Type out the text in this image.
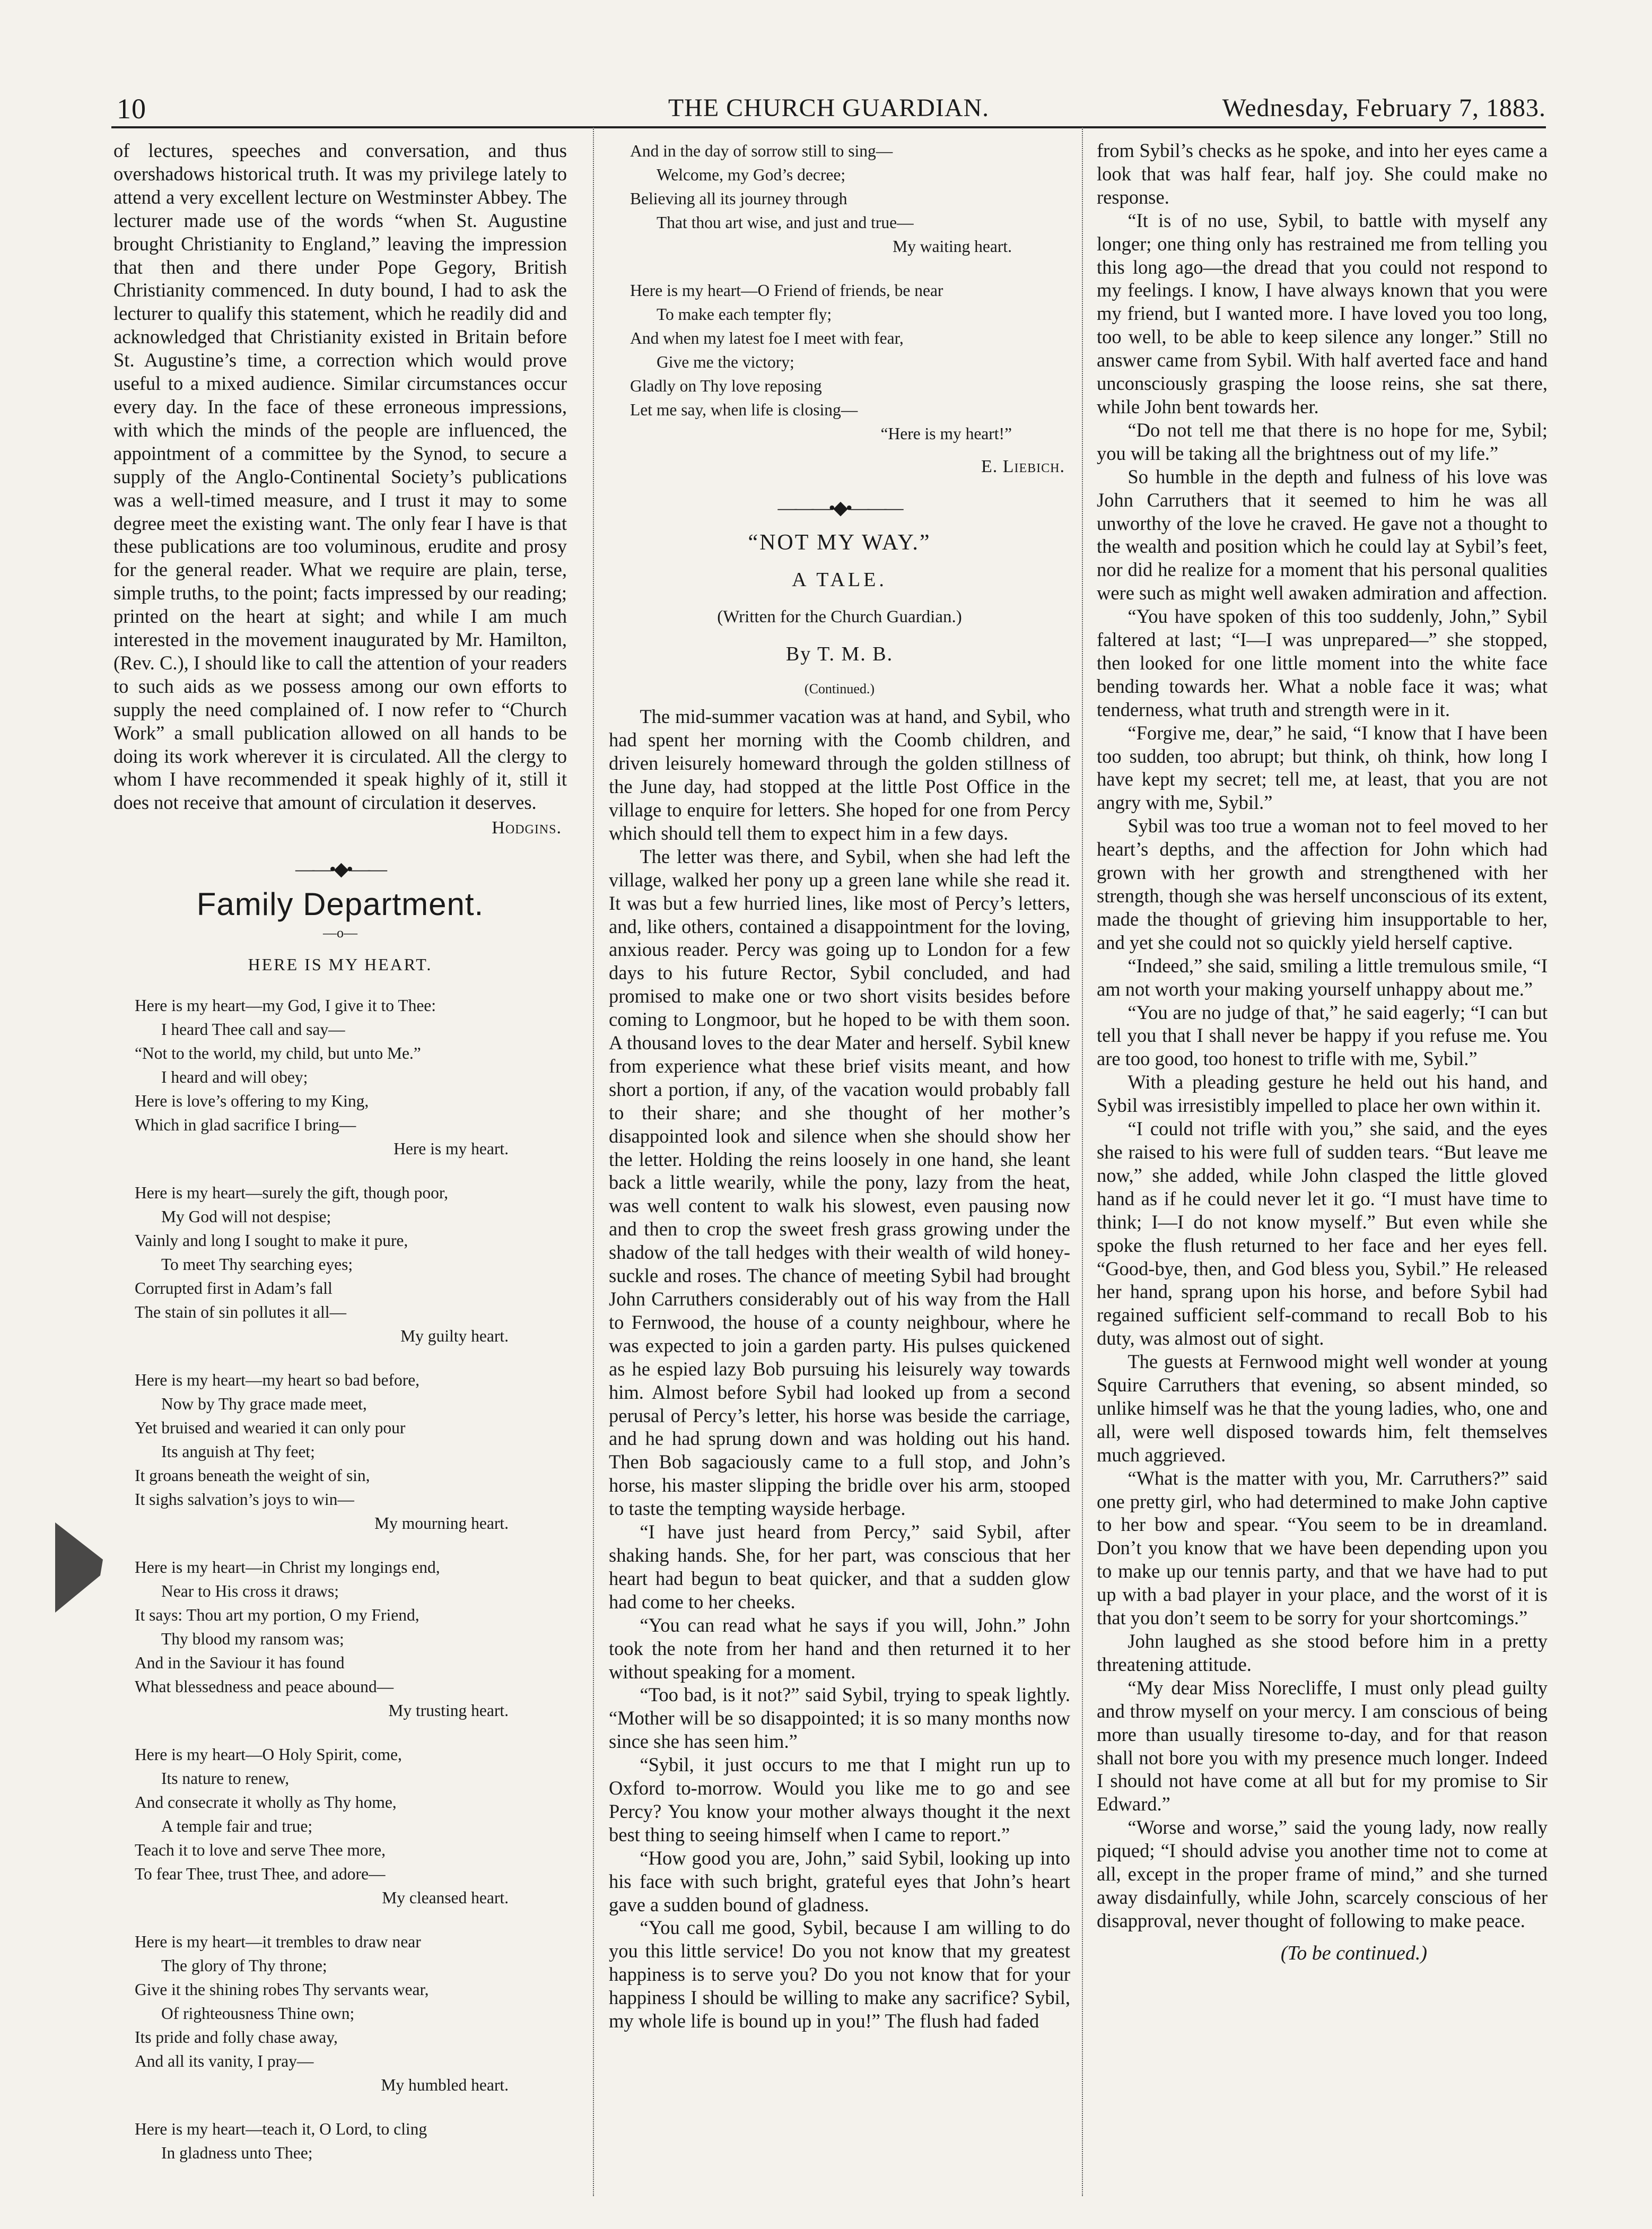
10	THE CHURCH GUARDIAN.	Wednesday, February 7, 1883.

of lectures, speeches and conversation, and thus overshadows historical truth. It was my privilege lately to attend a very excellent lecture on Westminster Abbey. The lecturer made use of the words “when St. Augustine brought Christianity to England,” leaving the impression that then and there under Pope Gegory, British Christianity commenced. In duty bound, I had to ask the lecturer to qualify this statement, which he readily did and acknowledged that Christianity existed in Britain before St. Augustine’s time, a correction which would prove useful to a mixed audience. Similar circumstances occur every day. In the face of these erroneous impressions, with which the minds of the people are influenced, the appointment of a committee by the Synod, to secure a supply of the Anglo-Continental Society’s publications was a well-timed measure, and I trust it may to some degree meet the existing want. The only fear I have is that these publications are too voluminous, erudite and prosy for the general reader. What we require are plain, terse, simple truths, to the point; facts impressed by our reading; printed on the heart at sight; and while I am much interested in the movement inaugurated by Mr. Hamilton, (Rev. C.), I should like to call the attention of your readers to such aids as we possess among our own efforts to supply the need complained of. I now refer to “Church Work” a small publication allowed on all hands to be doing its work wherever it is circulated. All the clergy to whom I have recommended it speak highly of it, still it does not receive that amount of circulation it deserves.

Hodgins.
——•◆•——
Family Department.
—o—
HERE IS MY HEART.
Here is my heart—my God, I give it to Thee:
I heard Thee call and say—
“Not to the world, my child, but unto Me.”
I heard and will obey;
Here is love’s offering to my King,
Which in glad sacrifice I bring—
Here is my heart.
Here is my heart—surely the gift, though poor,
My God will not despise;
Vainly and long I sought to make it pure,
To meet Thy searching eyes;
Corrupted first in Adam’s fall
The stain of sin pollutes it all—
My guilty heart.
Here is my heart—my heart so bad before,
Now by Thy grace made meet,
Yet bruised and wearied it can only pour
Its anguish at Thy feet;
It groans beneath the weight of sin,
It sighs salvation’s joys to win—
My mourning heart.
Here is my heart—in Christ my longings end,
Near to His cross it draws;
It says: Thou art my portion, O my Friend,
Thy blood my ransom was;
And in the Saviour it has found
What blessedness and peace abound—
My trusting heart.
Here is my heart—O Holy Spirit, come,
Its nature to renew,
And consecrate it wholly as Thy home,
A temple fair and true;
Teach it to love and serve Thee more,
To fear Thee, trust Thee, and adore—
My cleansed heart.
Here is my heart—it trembles to draw near
The glory of Thy throne;
Give it the shining robes Thy servants wear,
Of righteousness Thine own;
Its pride and folly chase away,
And all its vanity, I pray—
My humbled heart.
Here is my heart—teach it, O Lord, to cling
In gladness unto Thee;
And in the day of sorrow still to sing—
Welcome, my God’s decree;
Believing all its journey through
That thou art wise, and just and true—
My waiting heart.
Here is my heart—O Friend of friends, be near
To make each tempter fly;
And when my latest foe I meet with fear,
Give me the victory;
Gladly on Thy love reposing
Let me say, when life is closing—
“Here is my heart!”
E. Liebich.
———•◆•———
“NOT MY WAY.”
A TALE.
(Written for the Church Guardian.)
By T. M. B.
(Continued.)

The mid-summer vacation was at hand, and Sybil, who had spent her morning with the Coomb children, and driven leisurely homeward through the golden stillness of the June day, had stopped at the little Post Office in the village to enquire for letters. She hoped for one from Percy which should tell them to expect him in a few days.

The letter was there, and Sybil, when she had left the village, walked her pony up a green lane while she read it. It was but a few hurried lines, like most of Percy’s letters, and, like others, contained a disappointment for the loving, anxious reader. Percy was going up to London for a few days to his future Rector, Sybil concluded, and had promised to make one or two short visits besides before coming to Longmoor, but he hoped to be with them soon. A thousand loves to the dear Mater and herself. Sybil knew from experience what these brief visits meant, and how short a portion, if any, of the vacation would probably fall to their share; and she thought of her mother’s disappointed look and silence when she should show her the letter. Holding the reins loosely in one hand, she leant back a little wearily, while the pony, lazy from the heat, was well content to walk his slowest, even pausing now and then to crop the sweet fresh grass growing under the shadow of the tall hedges with their wealth of wild honey-suckle and roses. The chance of meeting Sybil had brought John Carruthers considerably out of his way from the Hall to Fernwood, the house of a county neighbour, where he was expected to join a garden party. His pulses quickened as he espied lazy Bob pursuing his leisurely way towards him. Almost before Sybil had looked up from a second perusal of Percy’s letter, his horse was beside the carriage, and he had sprung down and was holding out his hand. Then Bob sagaciously came to a full stop, and John’s horse, his master slipping the bridle over his arm, stooped to taste the tempting wayside herbage.

“I have just heard from Percy,” said Sybil, after shaking hands. She, for her part, was conscious that her heart had begun to beat quicker, and that a sudden glow had come to her cheeks.

“You can read what he says if you will, John.” John took the note from her hand and then returned it to her without speaking for a moment.

“Too bad, is it not?” said Sybil, trying to speak lightly. “Mother will be so disappointed; it is so many months now since she has seen him.”

“Sybil, it just occurs to me that I might run up to Oxford to-morrow. Would you like me to go and see Percy? You know your mother always thought it the next best thing to seeing himself when I came to report.”

“How good you are, John,” said Sybil, looking up into his face with such bright, grateful eyes that John’s heart gave a sudden bound of gladness.

“You call me good, Sybil, because I am willing to do you this little service! Do you not know that my greatest happiness is to serve you? Do you not know that for your happiness I should be willing to make any sacrifice? Sybil, my whole life is bound up in you!” The flush had faded

from Sybil’s checks as he spoke, and into her eyes came a look that was half fear, half joy. She could make no response.

“It is of no use, Sybil, to battle with myself any longer; one thing only has restrained me from telling you this long ago—the dread that you could not respond to my feelings. I know, I have always known that you were my friend, but I wanted more. I have loved you too long, too well, to be able to keep silence any longer.” Still no answer came from Sybil. With half averted face and hand unconsciously grasping the loose reins, she sat there, while John bent towards her.

“Do not tell me that there is no hope for me, Sybil; you will be taking all the brightness out of my life.”

So humble in the depth and fulness of his love was John Carruthers that it seemed to him he was all unworthy of the love he craved. He gave not a thought to the wealth and position which he could lay at Sybil’s feet, nor did he realize for a moment that his personal qualities were such as might well awaken admiration and affection.

“You have spoken of this too suddenly, John,” Sybil faltered at last; “I—I was unprepared—” she stopped, then looked for one little moment into the white face bending towards her. What a noble face it was; what tenderness, what truth and strength were in it.

“Forgive me, dear,” he said, “I know that I have been too sudden, too abrupt; but think, oh think, how long I have kept my secret; tell me, at least, that you are not angry with me, Sybil.”

Sybil was too true a woman not to feel moved to her heart’s depths, and the affection for John which had grown with her growth and strengthened with her strength, though she was herself unconscious of its extent, made the thought of grieving him insupportable to her, and yet she could not so quickly yield herself captive.

“Indeed,” she said, smiling a little tremulous smile, “I am not worth your making yourself unhappy about me.”

“You are no judge of that,” he said eagerly; “I can but tell you that I shall never be happy if you refuse me. You are too good, too honest to trifle with me, Sybil.”

With a pleading gesture he held out his hand, and Sybil was irresistibly impelled to place her own within it.

“I could not trifle with you,” she said, and the eyes she raised to his were full of sudden tears. “But leave me now,” she added, while John clasped the little gloved hand as if he could never let it go. “I must have time to think; I—I do not know myself.” But even while she spoke the flush returned to her face and her eyes fell. “Good-bye, then, and God bless you, Sybil.” He released her hand, sprang upon his horse, and before Sybil had regained sufficient self-command to recall Bob to his duty, was almost out of sight.

The guests at Fernwood might well wonder at young Squire Carruthers that evening, so absent minded, so unlike himself was he that the young ladies, who, one and all, were well disposed towards him, felt themselves much aggrieved.

“What is the matter with you, Mr. Carruthers?” said one pretty girl, who had determined to make John captive to her bow and spear. “You seem to be in dreamland. Don’t you know that we have been depending upon you to make up our tennis party, and that we have had to put up with a bad player in your place, and the worst of it is that you don’t seem to be sorry for your shortcomings.”

John laughed as she stood before him in a pretty threatening attitude.

“My dear Miss Norecliffe, I must only plead guilty and throw myself on your mercy. I am conscious of being more than usually tiresome to-day, and for that reason shall not bore you with my presence much longer. Indeed I should not have come at all but for my promise to Sir Edward.”

“Worse and worse,” said the young lady, now really piqued; “I should advise you another time not to come at all, except in the proper frame of mind,” and she turned away disdainfully, while John, scarcely conscious of her disapproval, never thought of following to make peace.

(To be continued.)
